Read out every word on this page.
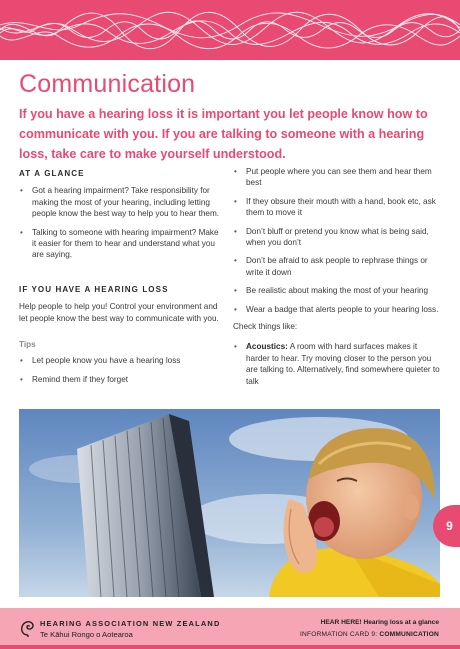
Communication

If you have a hearing loss it is important you let people know how to communicate with you. If you are talking to someone with a hearing loss, take care to make yourself understood.

AT A GLANCE
• Got a hearing impairment? Take responsibility for making the most of your hearing, including letting people know the best way to help you to hear them.
• Talking to someone with hearing impairment? Make it easier for them to hear and understand what you are saying.
IF YOU HAVE A HEARING LOSS

Help people to help you! Control your environment and let people know the best way to communicate with you.

Tips
• Let people know you have a hearing loss
• Remind them if they forget
• Put people where you can see them and hear them best
• If they obsure their mouth with a hand, book etc, ask them to move it
• Don’t bluff or pretend you know what is being said, when you don’t
• Don’t be afraid to ask people to rephrase things or write it down
• Be realistic about making the most of your hearing
• Wear a badge that alerts people to your hearing loss.

Check things like:

• Acoustics: A room with hard surfaces makes it harder to hear. Try moving closer to the person you are talking to. Alternatively, find somewhere quieter to talk
9
HEARING ASSOCIATION NEW ZEALAND
Te Kāhui Rongo o Aotearoa
HEAR HERE! Hearing loss at a glance
INFORMATION CARD 9: COMMUNICATION
